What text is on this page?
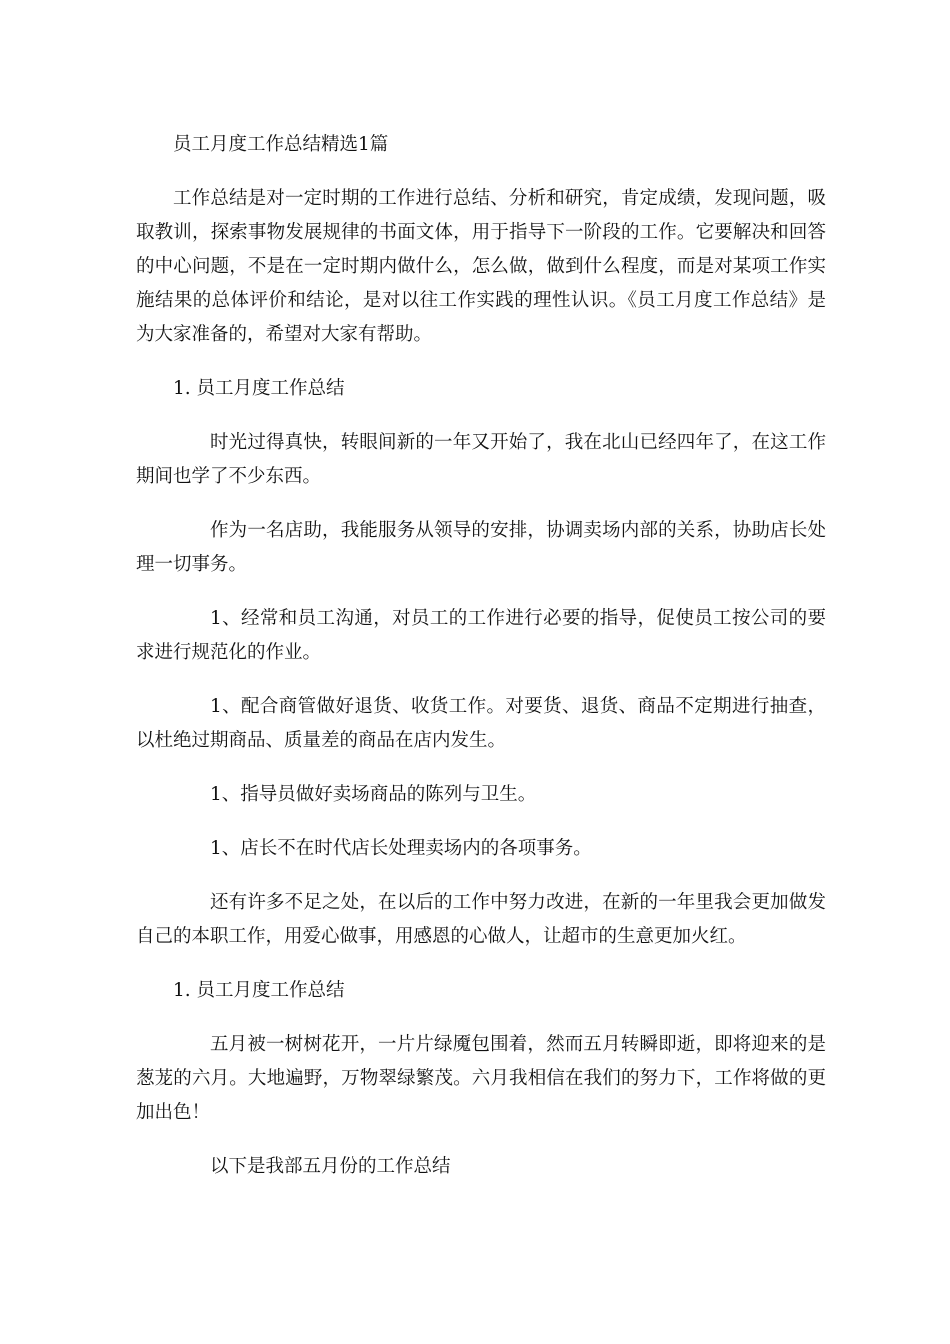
员工月度工作总结精选1篇

工作总结是对一定时期的工作进行总结、分析和研究，肯定成绩，发现问题，吸取教训，探索事物发展规律的书面文体，用于指导下一阶段的工作。它要解决和回答的中心问题，不是在一定时期内做什么，怎么做，做到什么程度，而是对某项工作实施结果的总体评价和结论，是对以往工作实践的理性认识。《员工月度工作总结》是为大家准备的，希望对大家有帮助。

1. 员工月度工作总结

时光过得真快，转眼间新的一年又开始了，我在北山已经四年了，在这工作期间也学了不少东西。

作为一名店助，我能服务从领导的安排，协调卖场内部的关系，协助店长处理一切事务。

1、经常和员工沟通，对员工的工作进行必要的指导，促使员工按公司的要求进行规范化的作业。

1、配合商管做好退货、收货工作。对要货、退货、商品不定期进行抽查，以杜绝过期商品、质量差的商品在店内发生。

1、指导员做好卖场商品的陈列与卫生。
1、店长不在时代店长处理卖场内的各项事务。

还有许多不足之处，在以后的工作中努力改进，在新的一年里我会更加做发自己的本职工作，用爱心做事，用感恩的心做人，让超市的生意更加火红。

1. 员工月度工作总结

五月被一树树花开，一片片绿魇包围着，然而五月转瞬即逝，即将迎来的是葱茏的六月。大地遍野，万物翠绿繁茂。六月我相信在我们的努力下，工作将做的更加出色！

以下是我部五月份的工作总结
